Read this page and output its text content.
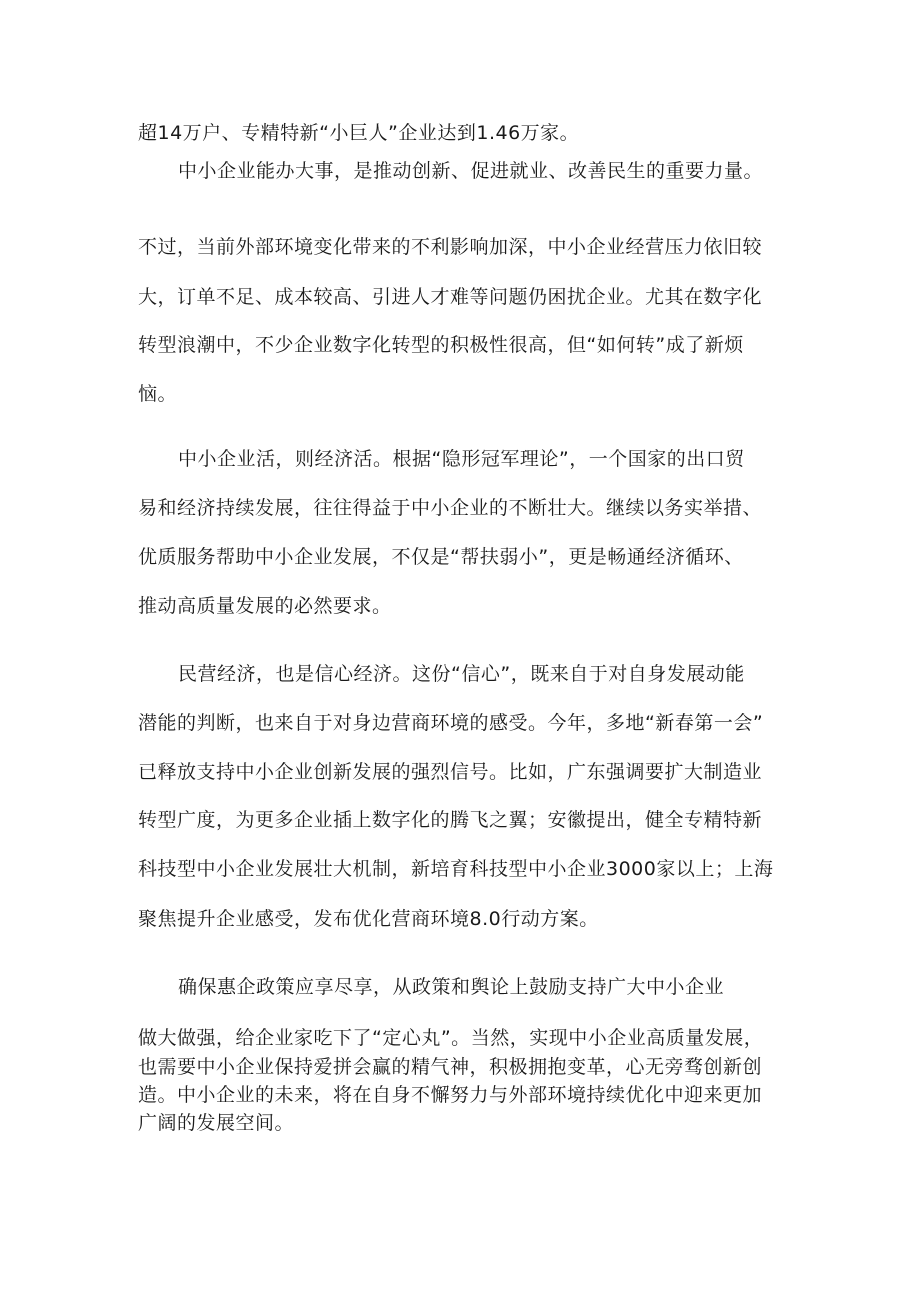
超14万户、专精特新“小巨人”企业达到1.46万家。
中小企业能办大事，是推动创新、促进就业、改善民生的重要力量。
不过，当前外部环境变化带来的不利影响加深，中小企业经营压力依旧较
大，订单不足、成本较高、引进人才难等问题仍困扰企业。尤其在数字化
转型浪潮中，不少企业数字化转型的积极性很高，但“如何转”成了新烦
恼。
中小企业活，则经济活。根据“隐形冠军理论”，一个国家的出口贸
易和经济持续发展，往往得益于中小企业的不断壮大。继续以务实举措、
优质服务帮助中小企业发展，不仅是“帮扶弱小”，更是畅通经济循环、
推动高质量发展的必然要求。
民营经济，也是信心经济。这份“信心”，既来自于对自身发展动能
潜能的判断，也来自于对身边营商环境的感受。今年，多地“新春第一会”
已释放支持中小企业创新发展的强烈信号。比如，广东强调要扩大制造业
转型广度，为更多企业插上数字化的腾飞之翼；安徽提出，健全专精特新
科技型中小企业发展壮大机制，新培育科技型中小企业3000家以上；上海
聚焦提升企业感受，发布优化营商环境8.0行动方案。
确保惠企政策应享尽享，从政策和舆论上鼓励支持广大中小企业
做大做强，给企业家吃下了“定心丸”。当然，实现中小企业高质量发展，
也需要中小企业保持爱拼会赢的精气神，积极拥抱变革，心无旁骛创新创
造。中小企业的未来，将在自身不懈努力与外部环境持续优化中迎来更加
广阔的发展空间。
